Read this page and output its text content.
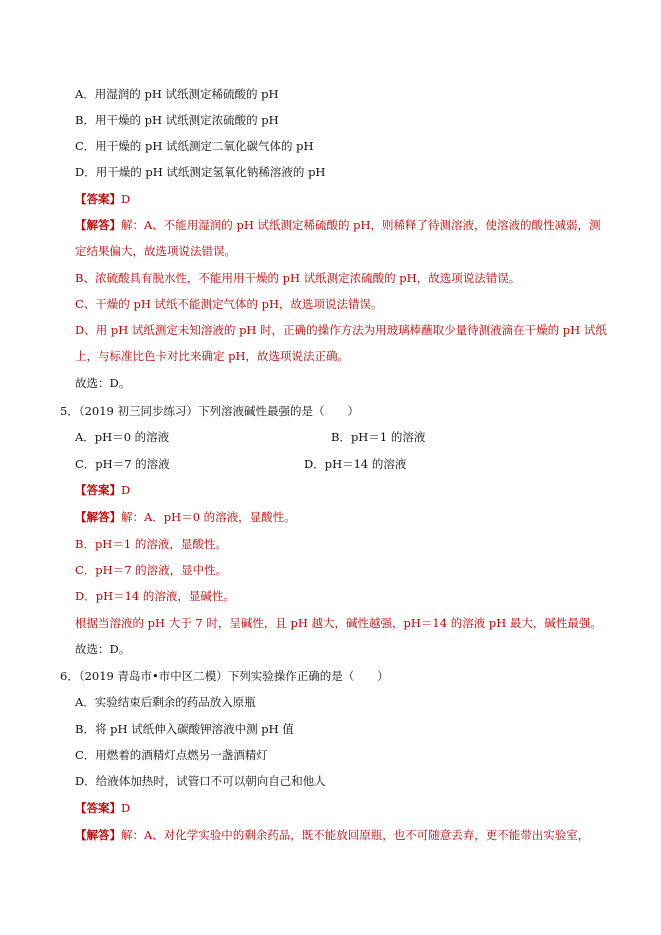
A．用湿润的 pH 试纸测定稀硫酸的 pH
B．用干燥的 pH 试纸测定浓硫酸的 pH
C．用干燥的 pH 试纸测定二氧化碳气体的 pH
D．用干燥的 pH 试纸测定氢氧化钠稀溶液的 pH
【答案】D
【解答】解：A、不能用湿润的 pH 试纸测定稀硫酸的 pH，则稀释了待测溶液，使溶液的酸性减弱，测
定结果偏大，故选项说法错误。
B、浓硫酸具有脱水性，不能用用干燥的 pH 试纸测定浓硫酸的 pH，故选项说法错误。
C、干燥的 pH 试纸不能测定气体的 pH，故选项说法错误。
D、用 pH 试纸测定未知溶液的 pH 时，正确的操作方法为用玻璃棒蘸取少量待测液滴在干燥的 pH 试纸
上，与标准比色卡对比来确定 pH，故选项说法正确。
故选：D。
5．（2019 初三同步练习）下列溶液碱性最强的是（　　）
A．pH＝0 的溶液	B．pH＝1 的溶液
C．pH＝7 的溶液	D．pH＝14 的溶液
【答案】D
【解答】解：A．pH＝0 的溶液，显酸性。
B．pH＝1 的溶液，显酸性。
C．pH＝7 的溶液，显中性。
D．pH＝14 的溶液，显碱性。
根据当溶液的 pH 大于 7 时，呈碱性，且 pH 越大，碱性越强，pH＝14 的溶液 pH 最大，碱性最强。
故选：D。
6．（2019 青岛市•市中区二模）下列实验操作正确的是（　　）
A．实验结束后剩余的药品放入原瓶
B．将 pH 试纸伸入碳酸钾溶液中测 pH 值
C．用燃着的酒精灯点燃另一盏酒精灯
D．给液体加热时，试管口不可以朝向自己和他人
【答案】D
【解答】解：A、对化学实验中的剩余药品，既不能放回原瓶，也不可随意丢弃，更不能带出实验室，
